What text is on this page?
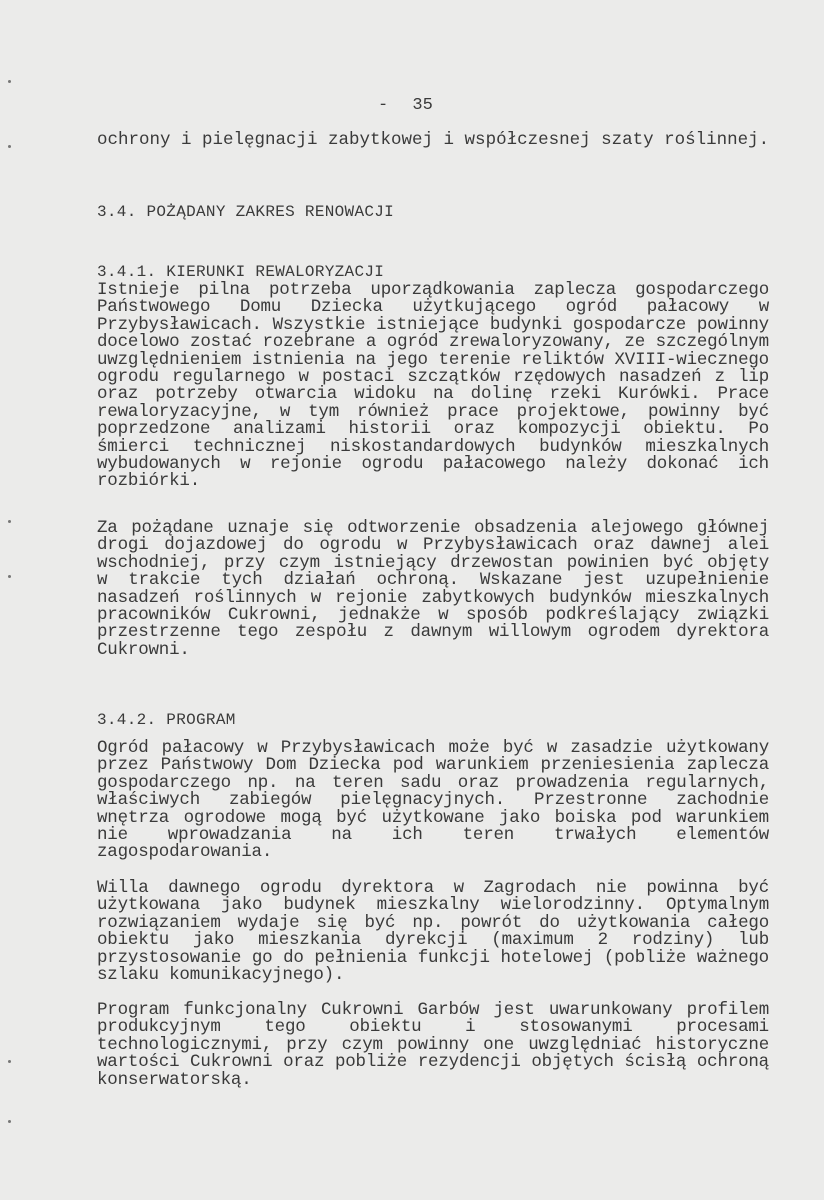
- 35
ochrony i pielęgnacji zabytkowej i współczesnej szaty roślinnej.
3.4. POŻĄDANY ZAKRES RENOWACJI
3.4.1. KIERUNKI REWALORYZACJI
Istnieje pilna potrzeba uporządkowania zaplecza gospodarczego
Państwowego Domu Dziecka użytkującego ogród pałacowy w
Przybysławicach. Wszystkie istniejące budynki gospodarcze powinny
docelowo zostać rozebrane a ogród zrewaloryzowany, ze szczególnym
uwzględnieniem istnienia na jego terenie reliktów XVIII-wiecznego
ogrodu regularnego w postaci szczątków rzędowych nasadzeń z lip
oraz potrzeby otwarcia widoku na dolinę rzeki Kurówki. Prace
rewaloryzacyjne, w tym również prace projektowe, powinny być
poprzedzone analizami historii oraz kompozycji obiektu. Po
śmierci technicznej niskostandardowych budynków mieszkalnych
wybudowanych w rejonie ogrodu pałacowego należy dokonać ich
rozbiórki.
Za pożądane uznaje się odtworzenie obsadzenia alejowego głównej
drogi dojazdowej do ogrodu w Przybysławicach oraz dawnej alei
wschodniej, przy czym istniejący drzewostan powinien być objęty
w trakcie tych działań ochroną. Wskazane jest uzupełnienie
nasadzeń roślinnych w rejonie zabytkowych budynków mieszkalnych
pracowników Cukrowni, jednakże w sposób podkreślający związki
przestrzenne tego zespołu z dawnym willowym ogrodem dyrektora
Cukrowni.
3.4.2. PROGRAM
Ogród pałacowy w Przybysławicach może być w zasadzie użytkowany
przez Państwowy Dom Dziecka pod warunkiem przeniesienia zaplecza
gospodarczego np. na teren sadu oraz prowadzenia regularnych,
właściwych zabiegów pielęgnacyjnych. Przestronne zachodnie
wnętrza ogrodowe mogą być użytkowane jako boiska pod warunkiem
nie wprowadzania na ich teren trwałych elementów
zagospodarowania.
Willa dawnego ogrodu dyrektora w Zagrodach nie powinna być
użytkowana jako budynek mieszkalny wielorodzinny. Optymalnym
rozwiązaniem wydaje się być np. powrót do użytkowania całego
obiektu jako mieszkania dyrekcji (maximum 2 rodziny) lub
przystosowanie go do pełnienia funkcji hotelowej (pobliże ważnego
szlaku komunikacyjnego).
Program funkcjonalny Cukrowni Garbów jest uwarunkowany profilem
produkcyjnym tego obiektu i stosowanymi procesami
technologicznymi, przy czym powinny one uwzględniać historyczne
wartości Cukrowni oraz pobliże rezydencji objętych ścisłą ochroną
konserwatorską.
